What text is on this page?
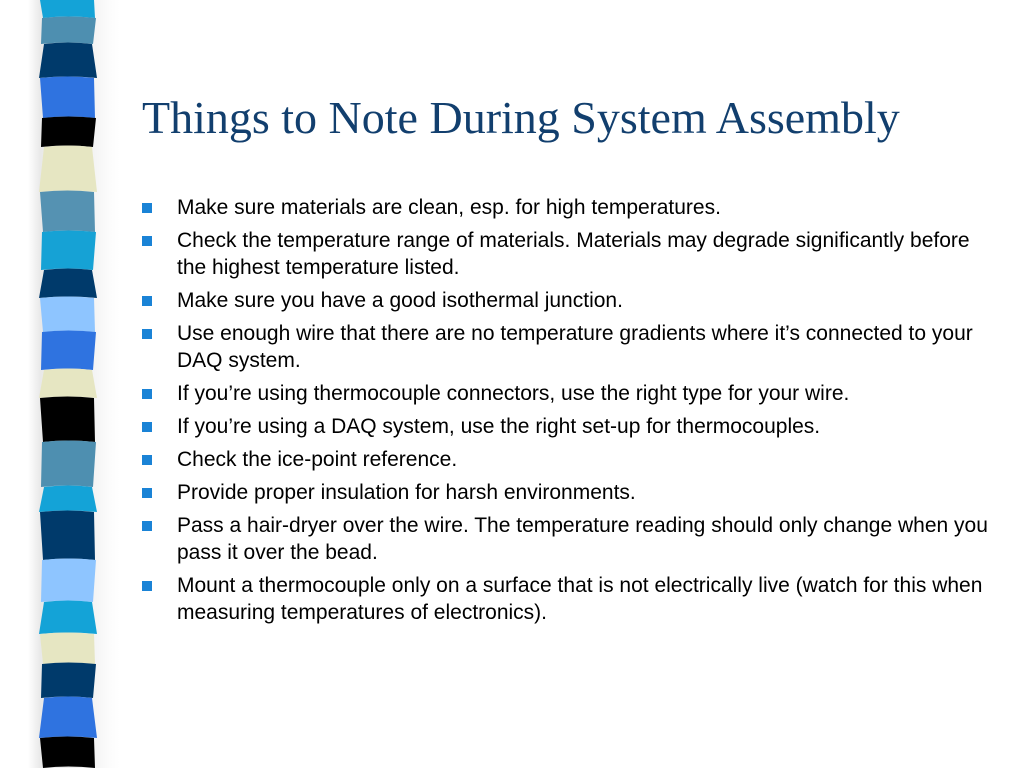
Things to Note During System Assembly
Make sure materials are clean, esp. for high temperatures.
Check the temperature range of materials. Materials may degrade significantly before the highest temperature listed.
Make sure you have a good isothermal junction.
Use enough wire that there are no temperature gradients where it’s connected to your DAQ system.
If you’re using thermocouple connectors, use the right type for your wire.
If you’re using a DAQ system, use the right set-up for thermocouples.
Check the ice-point reference.
Provide proper insulation for harsh environments.
Pass a hair-dryer over the wire. The temperature reading should only change when you pass it over the bead.
Mount a thermocouple only on a surface that is not electrically live (watch for this when measuring temperatures of electronics).
